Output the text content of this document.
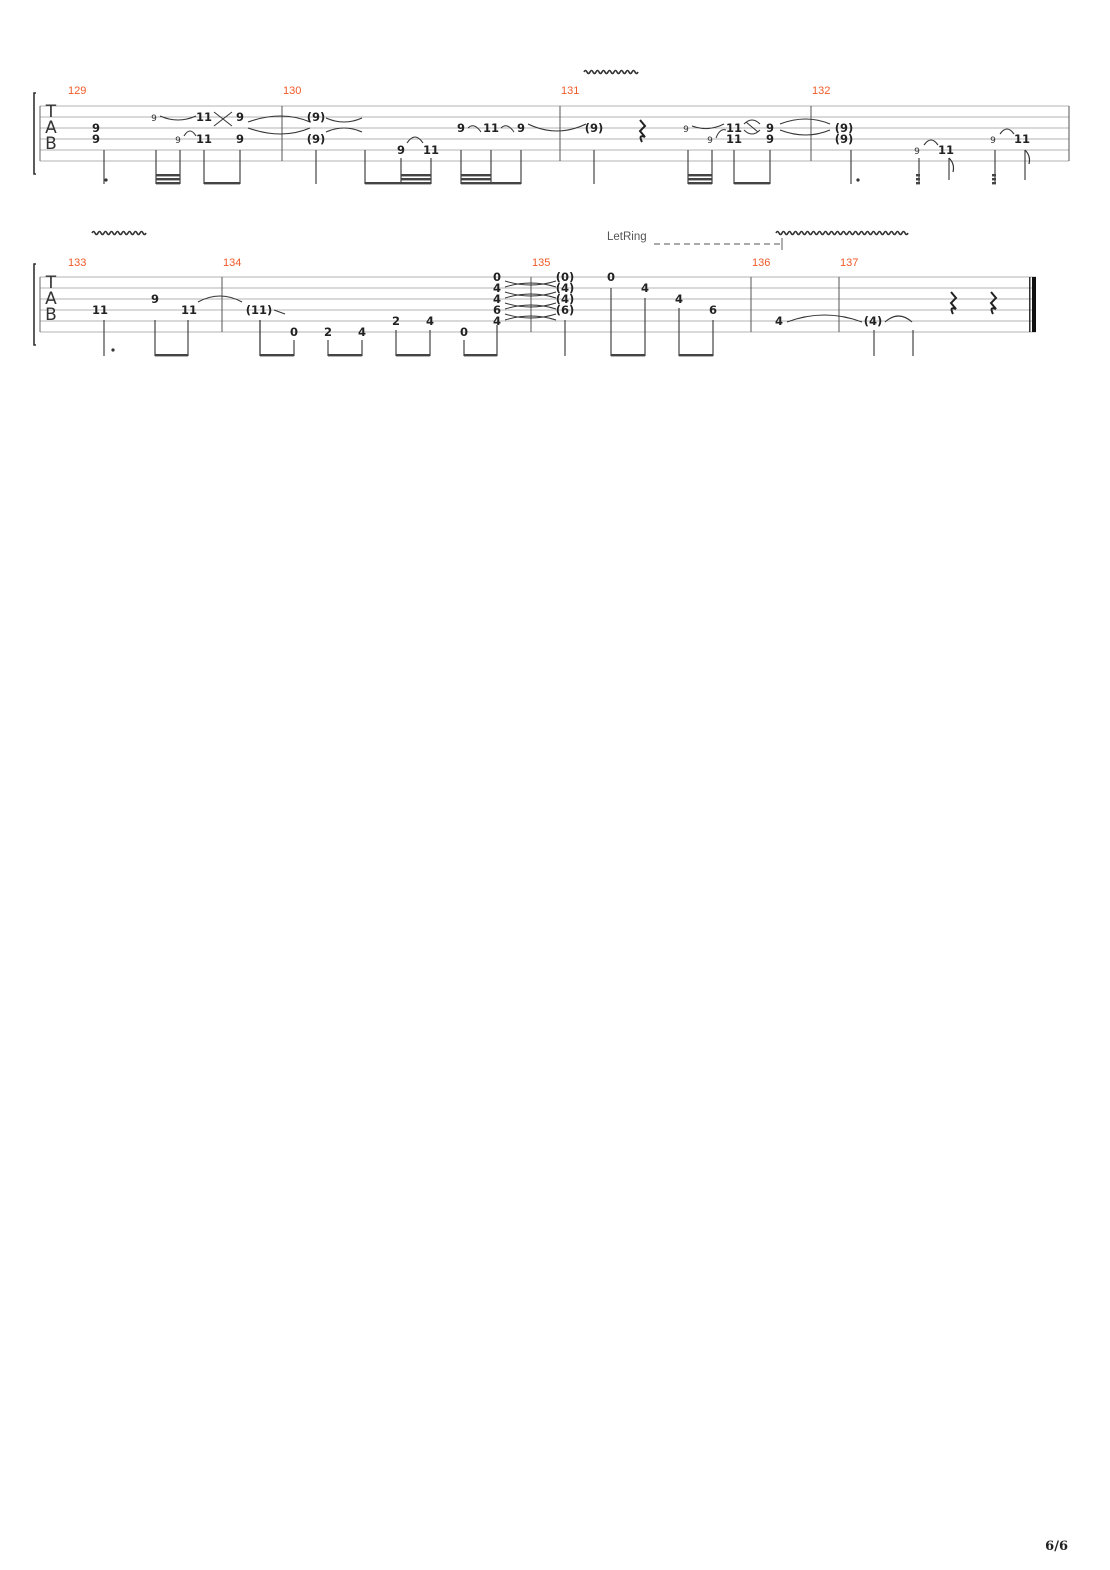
T
A
B
129	130	131	132
9
9
9
9
11
11
9
9
(9)
(9)
9 11
9 11 9	(9)	9
9
11
11
9
9
(9)
(9)
9 11
9 11
T
A
B
133	134	135	136	137
LetRing
11
9
11	(11)
0 2 4
2 4
0
0
4
4
6
4
(0)
(4)
(4)
(6)
0
4
4
6
4	(4)
6/6
